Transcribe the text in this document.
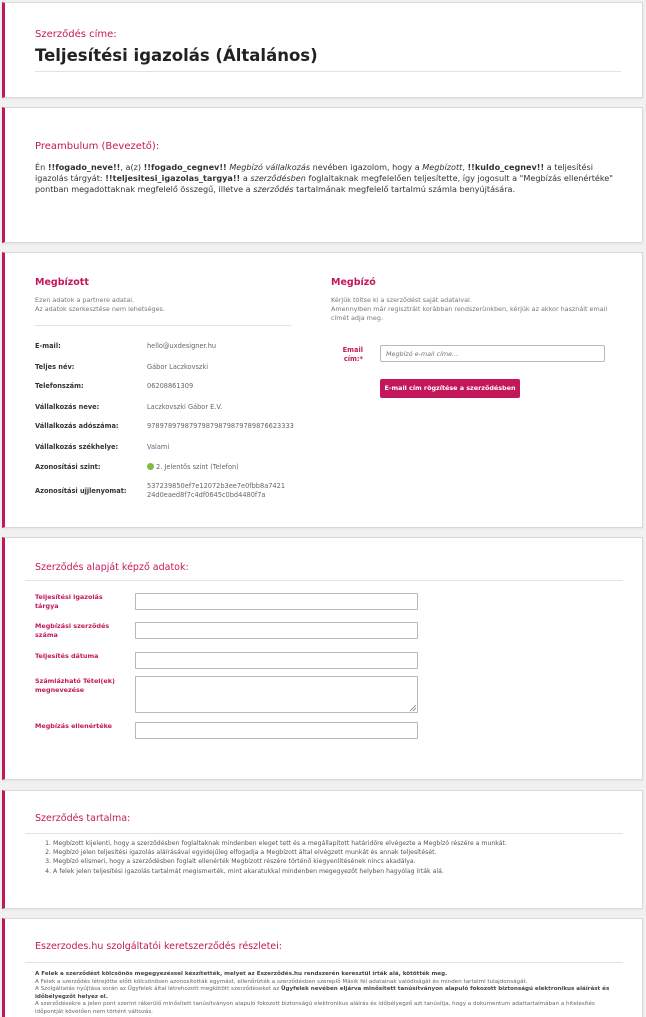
Szerződés címe:
Teljesítési igazolás (Általános)
Preambulum (Bevezető):
Én !!fogado_neve!!, a(z) !!fogado_cegnev!! Megbízó vállalkozás nevében igazolom, hogy a Megbízott, !!kuldo_cegnev!! a teljesítési igazolás tárgyát: !!teljesitesi_igazolas_targya!! a szerződésben foglaltaknak megfelelően teljesítette, így jogosult a "Megbízás ellenértéke" pontban megadottaknak megfelelő összegű, illetve a szerződés tartalmának megfelelő tartalmú számla benyújtására.
Megbízott
Ezen adatok a partnere adatai.
Az adatok szerkesztése nem lehetséges.
E-mail:	hello@uxdesigner.hu
Teljes név:	Gábor Laczkovszki
Telefonszám:	06208861309
Vállalkozás neve:	Laczkovszki Gábor E.V.
Vállalkozás adószáma:	97897897987979879879879789876623333
Vállalkozás székhelye:	Valami
Azonosítási szint:	2. Jelentős szint (Telefon)
Azonosítási ujjlenyomat:
537239850ef7e12072b3ee7e0fbb8a742124d0eaed8f7c4df0645c0bd4480f7a
Megbízó
Kérjük töltse ki a szerződést saját adataival.
Amennyiben már regisztrált korábban rendszerünkben, kérjük az akkor használt email címét adja meg.
Email cím:*
Megbízó e-mail címe...
E-mail cím rögzítése a szerződésben
Szerződés alapját képző adatok:
Teljesítési igazolás tárgya
Megbízási szerződés száma
Teljesítés dátuma
Számlázható Tétel(ek) megnevezése
Megbízás ellenértéke
Szerződés tartalma:
1. Megbízott kijelenti, hogy a szerződésben foglaltaknak mindenben eleget tett és a megállapított határidőre elvégezte a Megbízó részére a munkát.
2. Megbízó jelen teljesítési igazolás aláírásával egyidejűleg elfogadja a Megbízott által elvégzett munkát és annak teljesítését.
3. Megbízó elismeri, hogy a szerződésben foglalt ellenérték Megbízott részére történő kiegyenlítésének nincs akadálya.
4. A felek jelen teljesítési igazolás tartalmát megismerték, mint akaratukkal mindenben megegyezőt helyben hagyólag írták alá.
Eszerzodes.hu szolgáltatói keretszerződés részletei:
A Felek a szerződést kölcsönös megegyezéssel készítették, melyet az Eszerződés.hu rendszerén keresztül írták alá, kötötték meg.
A Felek a szerződés létrejötte előtt kölcsönösen azonosították egymást, ellenőrizték a szerződésben szereplő Másik fél adatainak valódiságát és minden tartalmi tulajdonságát.
A Szolgáltatás nyújtása során az Ügyfelek által létrehozott megkötött szerződéseket az Ügyfelek nevében eljárva minősített tanúsítványon alapuló fokozott biztonságú elektronikus aláírást és időbélyegzőt helyez el.
A szerződésekre a jelen pont szerint rákerülő minősített tanúsítványon alapuló fokozott biztonságú elektronikus aláírás és időbélyegző azt tanúsítja, hogy a dokumentum adattartalmában a hitelesítés időpontját követően nem történt változás.
